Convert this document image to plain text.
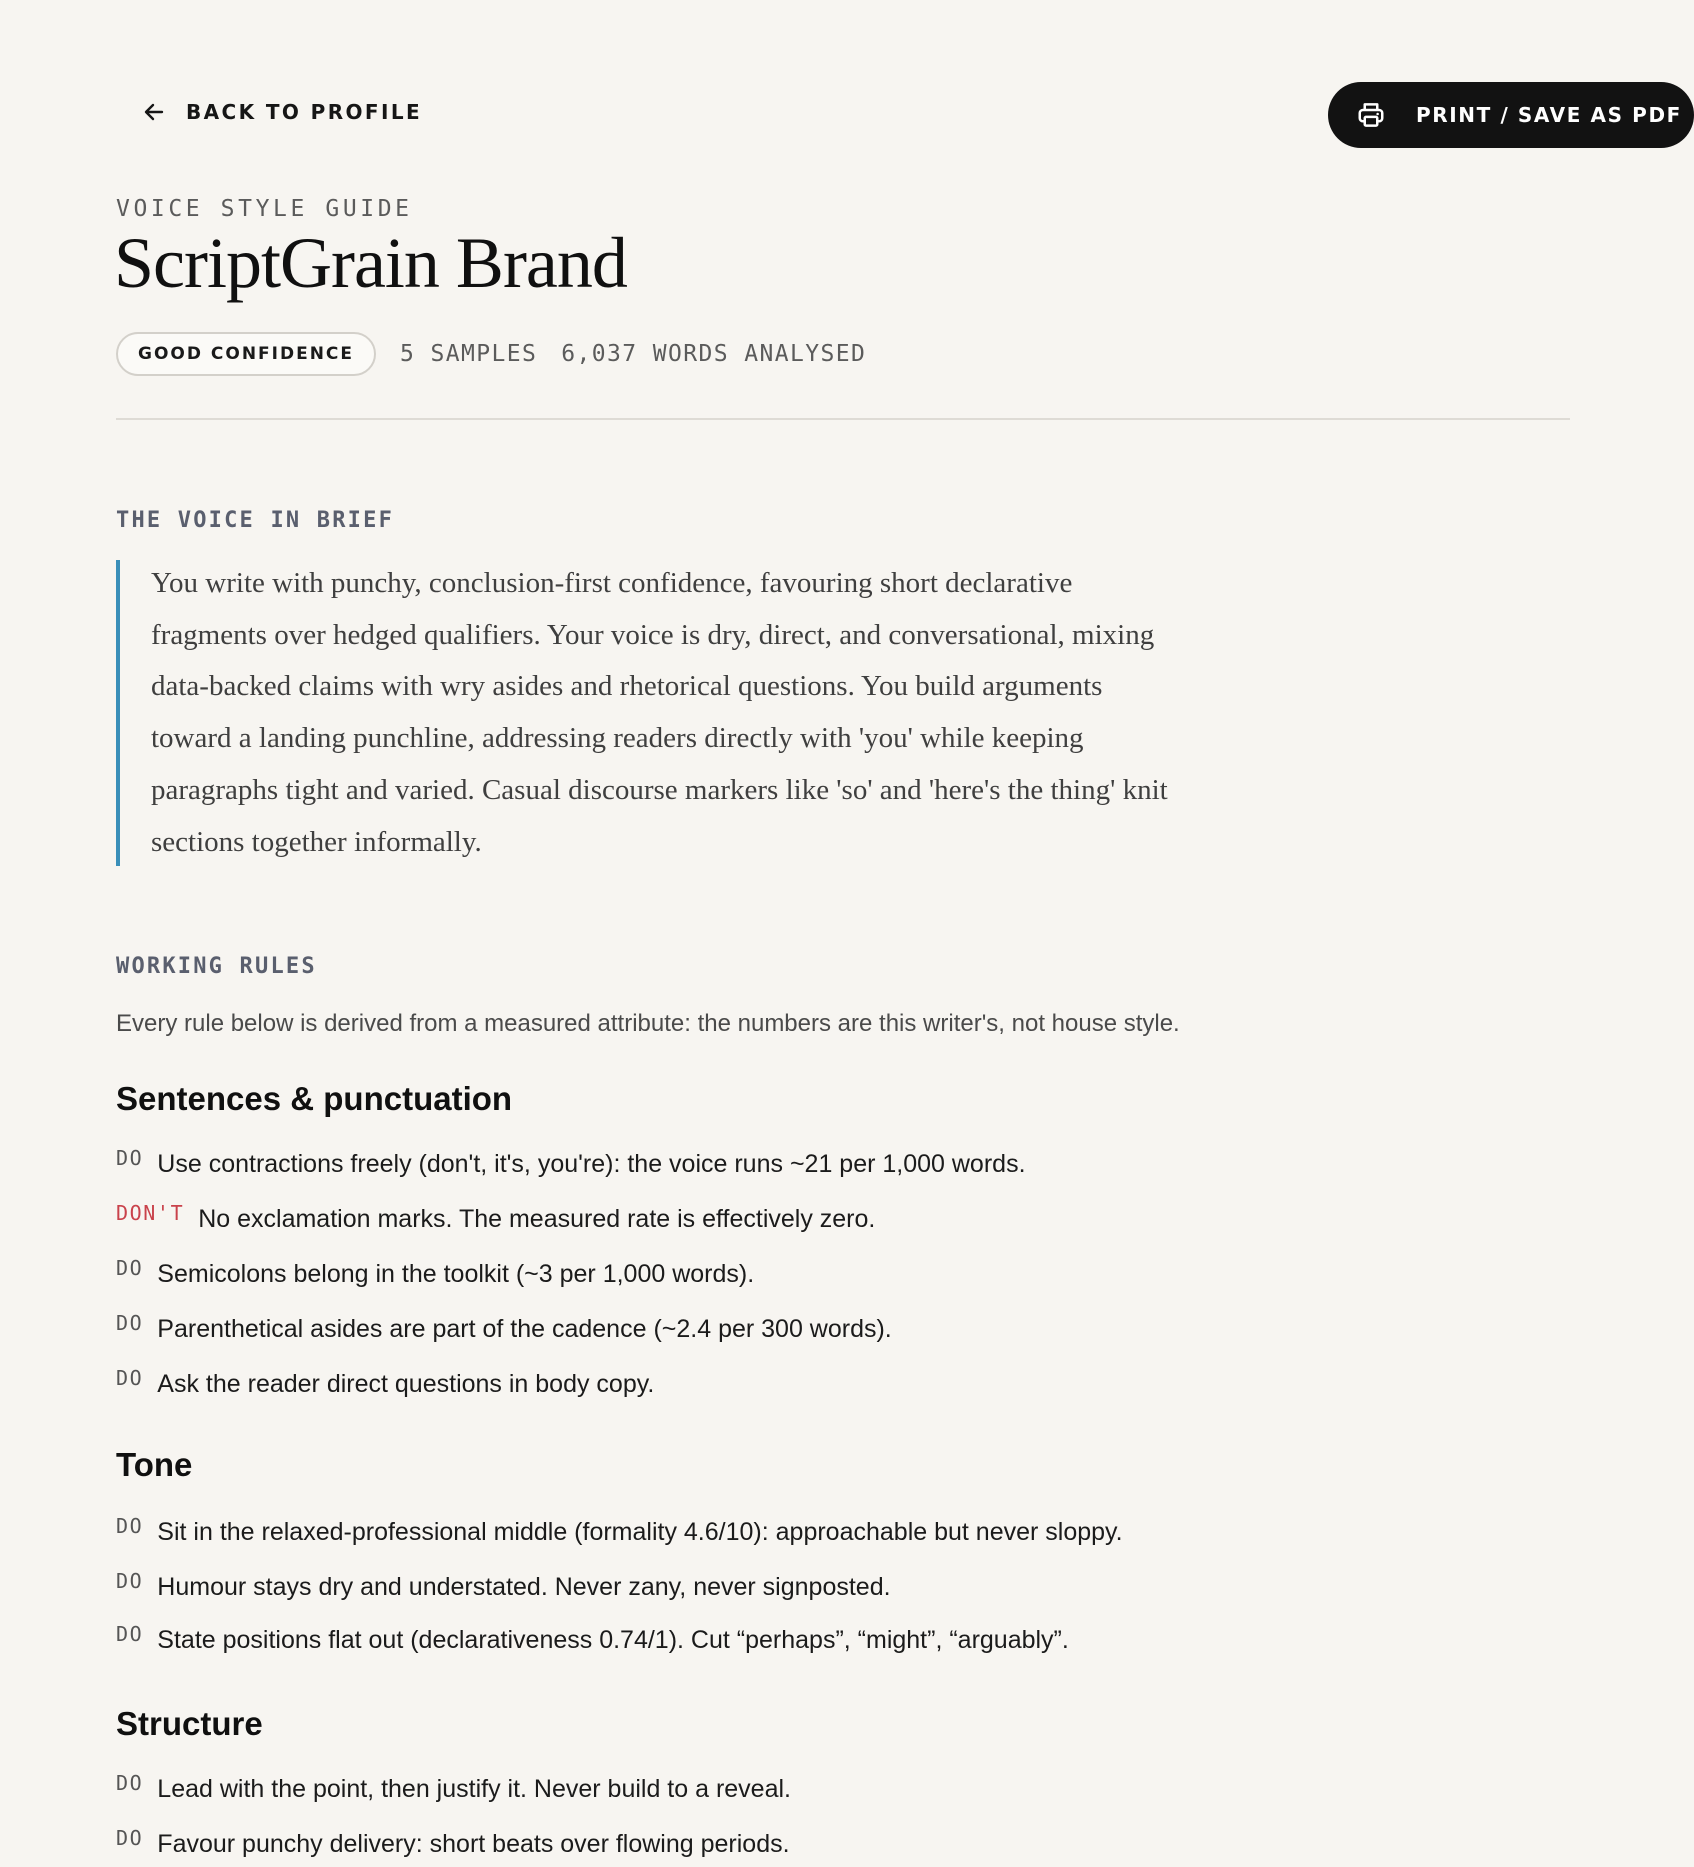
BACK TO PROFILE	PRINT / SAVE AS PDF
VOICE STYLE GUIDE
ScriptGrain Brand
GOOD CONFIDENCE	5 SAMPLES 6,037 WORDS ANALYSED
THE VOICE IN BRIEF

You write with punchy, conclusion-first confidence, favouring short declarative fragments over hedged qualifiers. Your voice is dry, direct, and conversational, mixing data-backed claims with wry asides and rhetorical questions. You build arguments toward a landing punchline, addressing readers directly with 'you' while keeping paragraphs tight and varied. Casual discourse markers like 'so' and 'here's the thing' knit sections together informally.

WORKING RULES
Every rule below is derived from a measured attribute: the numbers are this writer's, not house style.
Sentences & punctuation
DO Use contractions freely (don't, it's, you're): the voice runs ~21 per 1,000 words.
DON'T No exclamation marks. The measured rate is effectively zero.
DO Semicolons belong in the toolkit (~3 per 1,000 words).
DO Parenthetical asides are part of the cadence (~2.4 per 300 words).
DO Ask the reader direct questions in body copy.
Tone
DO Sit in the relaxed-professional middle (formality 4.6/10): approachable but never sloppy.
DO Humour stays dry and understated. Never zany, never signposted.
DO State positions flat out (declarativeness 0.74/1). Cut “perhaps”, “might”, “arguably”.
Structure
DO Lead with the point, then justify it. Never build to a reveal.
DO Favour punchy delivery: short beats over flowing periods.
